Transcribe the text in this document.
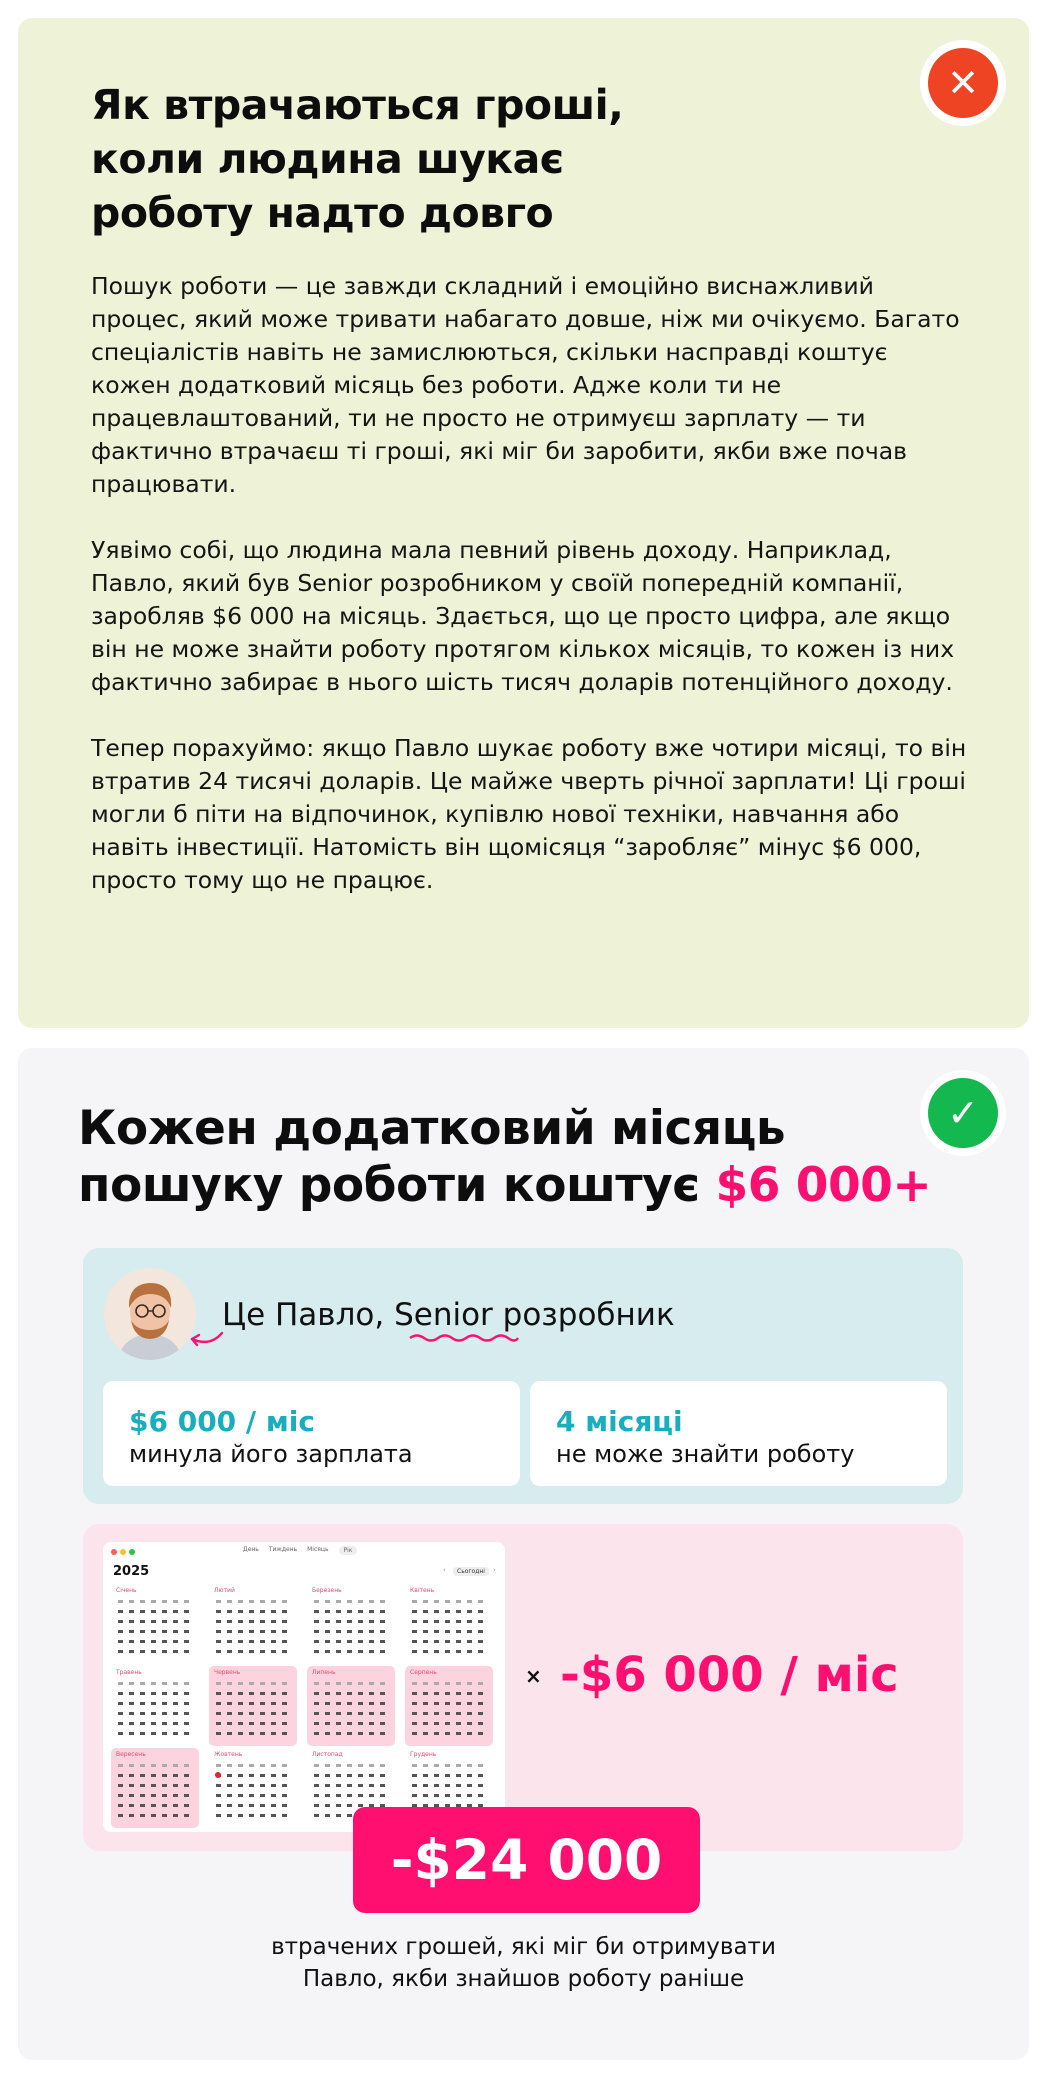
✕
Як втрачаються гроші,
коли людина шукає
роботу надто довго

Пошук роботи — це завжди складний і емоційно виснажливий процес, який може тривати набагато довше, ніж ми очікуємо. Багато спеціалістів навіть не замислюються, скільки насправді коштує кожен додатковий місяць без роботи. Адже коли ти не працевлаштований, ти не просто не отримуєш зарплату — ти фактично втрачаєш ті гроші, які міг би заробити, якби вже почав працювати.

Уявімо собі, що людина мала певний рівень доходу. Наприклад, Павло, який був Senior розробником у своїй попередній компанії, заробляв $6 000 на місяць. Здається, що це просто цифра, але якщо він не може знайти роботу протягом кількох місяців, то кожен із них фактично забирає в нього шість тисяч доларів потенційного доходу.

Тепер порахуймо: якщо Павло шукає роботу вже чотири місяці, то він втратив 24 тисячі доларів. Це майже чверть річної зарплати! Ці гроші могли б піти на відпочинок, купівлю нової техніки, навчання або навіть інвестиції. Натомість він щомісяця “заробляє” мінус $6 000, просто тому що не працює.

✓
Кожен додатковий місяць
пошуку роботи коштує $6 000+
Це Павло, Senior розробник
$6 000 / міс
минула його зарплата
4 місяці
не може знайти роботу
День Тиждень Місяць	Рік
2025	‹	Сьогодні	›
Січень	Лютий	Березень	Квітень
Травень	Червень	Липень	Серпень
Вересень	Жовтень	Листопад	Грудень
× -$6 000 / міс
-$24 000
втрачених грошей, які міг би отримувати
Павло, якби знайшов роботу раніше
